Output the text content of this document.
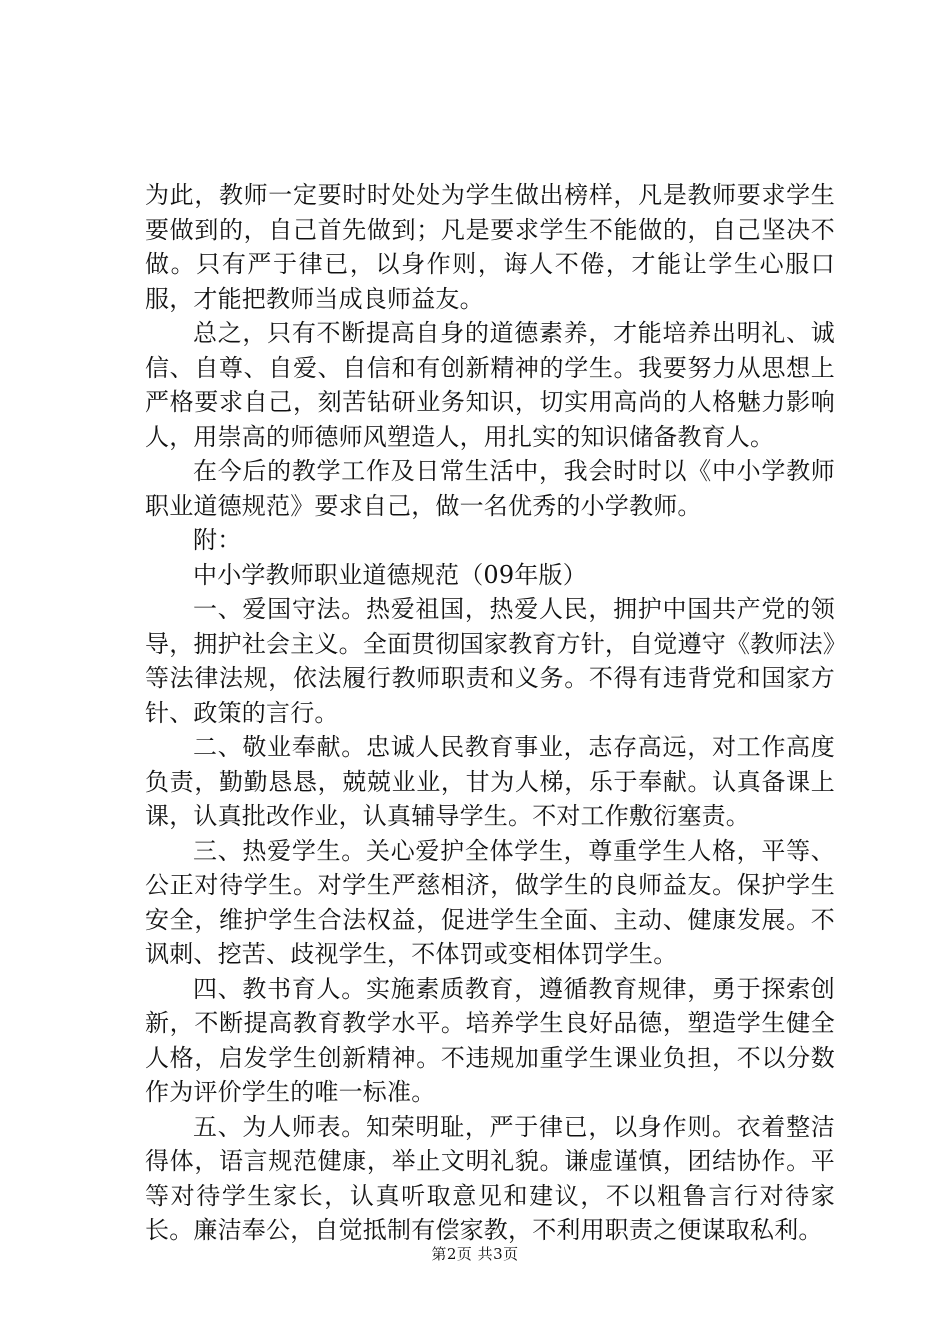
为此，教师一定要时时处处为学生做出榜样，凡是教师要求学生要做到的，自己首先做到；凡是要求学生不能做的，自己坚决不做。只有严于律已，以身作则，诲人不倦，才能让学生心服口服，才能把教师当成良师益友。

总之，只有不断提高自身的道德素养，才能培养出明礼、诚信、自尊、自爱、自信和有创新精神的学生。我要努力从思想上严格要求自己，刻苦钻研业务知识，切实用高尚的人格魅力影响人，用崇高的师德师风塑造人，用扎实的知识储备教育人。

在今后的教学工作及日常生活中，我会时时以《中小学教师职业道德规范》要求自己，做一名优秀的小学教师。

附：

中小学教师职业道德规范（09年版）

一、爱国守法。热爱祖国，热爱人民，拥护中国共产党的领导，拥护社会主义。全面贯彻国家教育方针，自觉遵守《教师法》等法律法规，依法履行教师职责和义务。不得有违背党和国家方针、政策的言行。

二、敬业奉献。忠诚人民教育事业，志存高远，对工作高度负责，勤勤恳恳，兢兢业业，甘为人梯，乐于奉献。认真备课上课，认真批改作业，认真辅导学生。不对工作敷衍塞责。

三、热爱学生。关心爱护全体学生，尊重学生人格，平等、公正对待学生。对学生严慈相济，做学生的良师益友。保护学生安全，维护学生合法权益，促进学生全面、主动、健康发展。不讽刺、挖苦、歧视学生，不体罚或变相体罚学生。

四、教书育人。实施素质教育，遵循教育规律，勇于探索创新，不断提高教育教学水平。培养学生良好品德，塑造学生健全人格，启发学生创新精神。不违规加重学生课业负担，不以分数作为评价学生的唯一标准。

五、为人师表。知荣明耻，严于律已，以身作则。衣着整洁得体，语言规范健康，举止文明礼貌。谦虚谨慎，团结协作。平等对待学生家长，认真听取意见和建议，不以粗鲁言行对待家长。廉洁奉公，自觉抵制有偿家教，不利用职责之便谋取私利。

第2页 共3页
